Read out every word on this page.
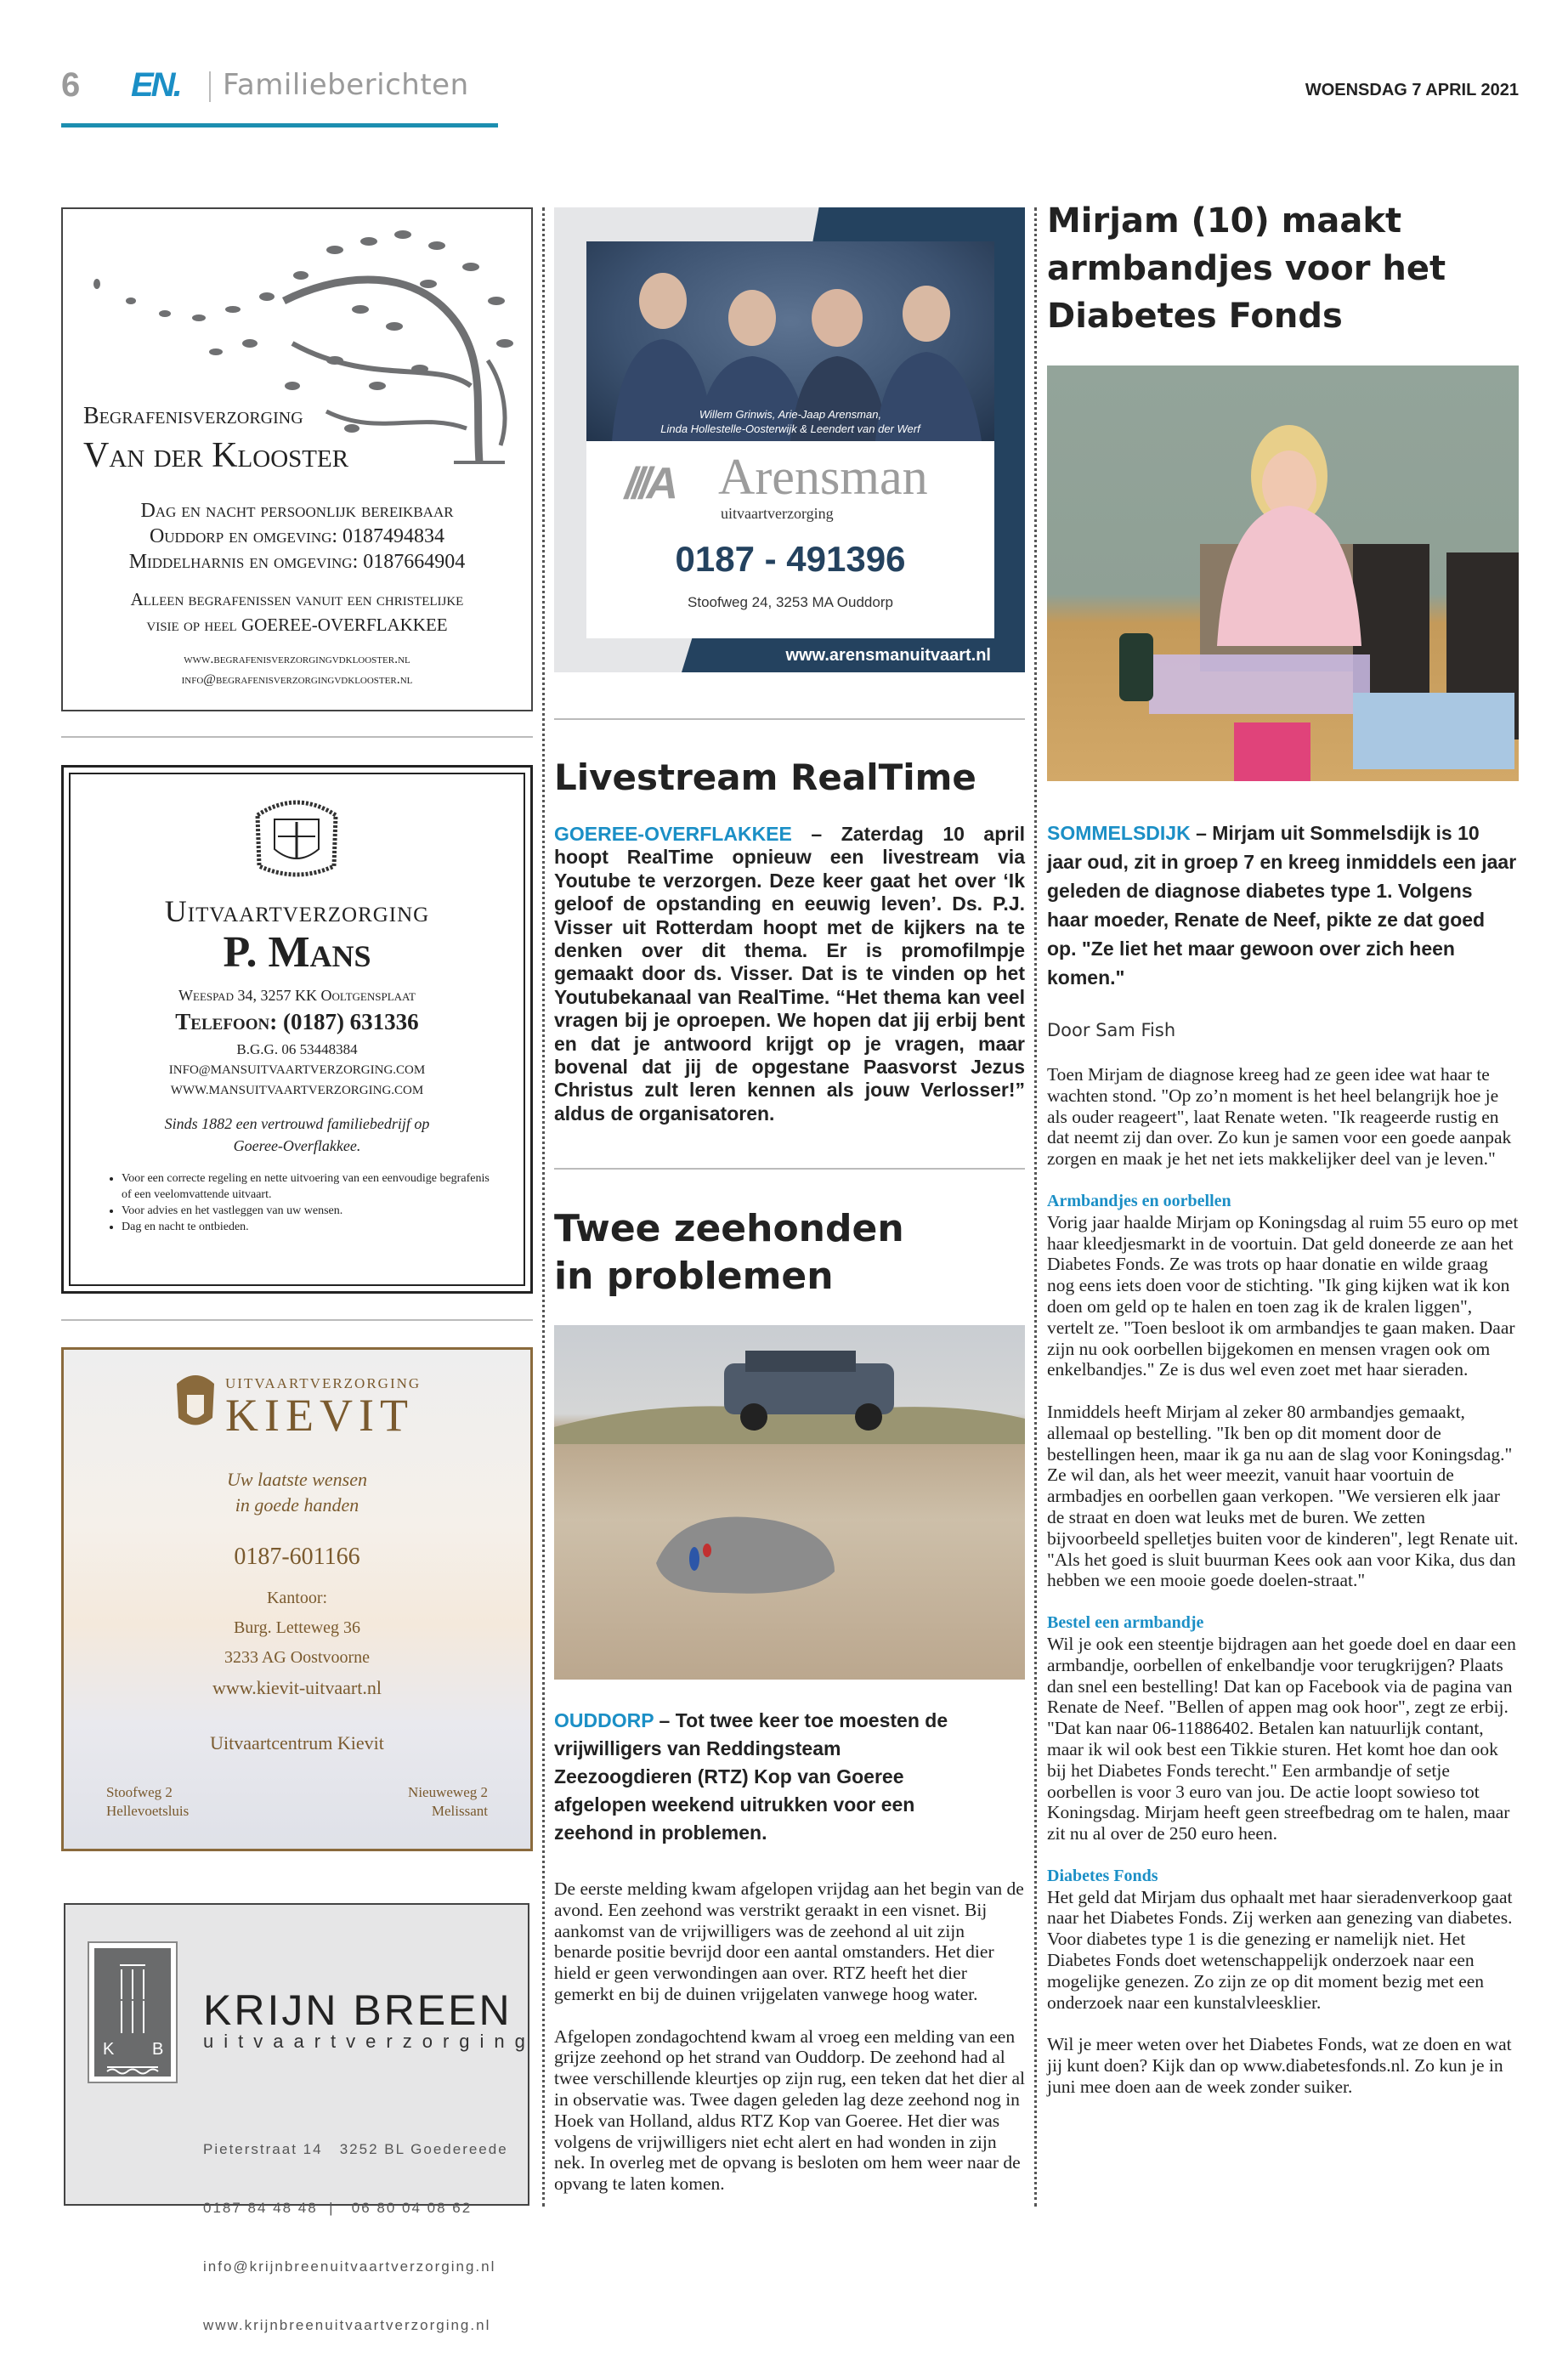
6 EN. Familieberichten	WOENSDAG 7 APRIL 2021
Begrafenisverzorging
Van der Klooster
Dag en nacht persoonlijk bereikbaar
Ouddorp en omgeving: 0187494834
Middelharnis en omgeving: 0187664904
Alleen begrafenissen vanuit een christelijke
visie op heel GOEREE-OVERFLAKKEE
www.begrafenisverzorgingvdklooster.nl
info@begrafenisverzorgingvdklooster.nl
Uitvaartverzorging
P. Mans
Weespad 34, 3257 KK Ooltgensplaat
Telefoon: (0187) 631336
B.G.G. 06 53448384
INFO@MANSUITVAARTVERZORGING.COM
WWW.MANSUITVAARTVERZORGING.COM
Sinds 1882 een vertrouwd familiebedrijf op
Goeree-Overflakkee.
• Voor een correcte regeling en nette uitvoering van een eenvoudige begrafenis of een veelomvattende uitvaart.
• Voor advies en het vastleggen van uw wensen.
• Dag en nacht te ontbieden.
UITVAARTVERZORGING
KIEVIT
Uw laatste wensen
in goede handen
0187-601166
Kantoor:
Burg. Letteweg 36
3233 AG Oostvoorne
www.kievit-uitvaart.nl
Uitvaartcentrum Kievit
Stoofweg 2
Hellevoetsluis
Nieuweweg 2
Melissant
K B
KRIJN BREEN
uitvaartverzorging

Pieterstraat 14   3252 BL Goedereede

0187 84 48 48  |   06 80 04 08 62

info@krijnbreenuitvaartverzorging.nl

www.krijnbreenuitvaartverzorging.nl

Willem Grinwis, Arie-Jaap Arensman,
Linda Hollestelle-Oosterwijk & Leendert van der Werf
///A Arensman
uitvaartverzorging
0187 - 491396
Stoofweg 24, 3253 MA Ouddorp
www.arensmanuitvaart.nl
Livestream RealTime
GOEREE-OVERFLAKKEE – Zaterdag 10 april hoopt RealTime opnieuw een livestream via Youtube te verzorgen. Deze keer gaat het over ‘Ik geloof de opstanding en eeuwig leven’. Ds. P.J. Visser uit Rotterdam hoopt met de kijkers na te denken over dit thema. Er is promofilmpje gemaakt door ds. Visser. Dat is te vinden op het Youtubekanaal van RealTime. “Het thema kan veel vragen bij je oproepen. We hopen dat jij erbij bent en dat je antwoord krijgt op je vragen, maar bovenal dat jij de opgestane Paasvorst Jezus Christus zult leren kennen als jouw Verlosser!” aldus de organisatoren.
Twee zeehonden
in problemen
OUDDORP – Tot twee keer toe moesten de vrijwilligers van Reddingsteam Zeezoogdieren (RTZ) Kop van Goeree afgelopen weekend uitrukken voor een zeehond in problemen.

De eerste melding kwam afgelopen vrijdag aan het begin van de avond. Een zeehond was verstrikt geraakt in een visnet. Bij aankomst van de vrijwilligers was de zeehond al uit zijn benarde positie bevrijd door een aantal omstanders. Het dier hield er geen verwondingen aan over. RTZ heeft het dier gemerkt en bij de duinen vrijgelaten vanwege hoog water.

Afgelopen zondagochtend kwam al vroeg een melding van een grijze zeehond op het strand van Ouddorp. De zeehond had al twee verschillende kleurtjes op zijn rug, een teken dat het dier al in observatie was. Twee dagen geleden lag deze zeehond nog in Hoek van Holland, aldus RTZ Kop van Goeree. Het dier was volgens de vrijwilligers niet echt alert en had wonden in zijn nek. In overleg met de opvang is besloten om hem weer naar de opvang te laten komen.

Mirjam (10) maakt armbandjes voor het Diabetes Fonds
SOMMELSDIJK – Mirjam uit Sommelsdijk is 10 jaar oud, zit in groep 7 en kreeg inmiddels een jaar geleden de diagnose diabetes type 1. Volgens haar moeder, Renate de Neef, pikte ze dat goed op. "Ze liet het maar gewoon over zich heen komen."
Door Sam Fish

Toen Mirjam de diagnose kreeg had ze geen idee wat haar te wachten stond. "Op zo’n moment is het heel belangrijk hoe je als ouder reageert", laat Renate weten. "Ik reageerde rustig en dat neemt zij dan over. Zo kun je samen voor een goede aanpak zorgen en maak je het net iets makkelijker deel van je leven."

Armbandjes en oorbellen

Vorig jaar haalde Mirjam op Koningsdag al ruim 55 euro op met haar kleedjesmarkt in de voortuin. Dat geld doneerde ze aan het Diabetes Fonds. Ze was trots op haar donatie en wilde graag nog eens iets doen voor de stichting. "Ik ging kijken wat ik kon doen om geld op te halen en toen zag ik de kralen liggen", vertelt ze. "Toen besloot ik om armbandjes te gaan maken. Daar zijn nu ook oorbellen bijgekomen en mensen vragen ook om enkelbandjes." Ze is dus wel even zoet met haar sieraden.

Inmiddels heeft Mirjam al zeker 80 armbandjes gemaakt, allemaal op bestelling. "Ik ben op dit moment door de bestellingen heen, maar ik ga nu aan de slag voor Koningsdag." Ze wil dan, als het weer meezit, vanuit haar voortuin de armbadjes en oorbellen gaan verkopen. "We versieren elk jaar de straat en doen wat leuks met de buren. We zetten bijvoorbeeld spelletjes buiten voor de kinderen", legt Renate uit. "Als het goed is sluit buurman Kees ook aan voor Kika, dus dan hebben we een mooie goede doelen-straat."

Bestel een armbandje

Wil je ook een steentje bijdragen aan het goede doel en daar een armbandje, oorbellen of enkelbandje voor terugkrijgen? Plaats dan snel een bestelling! Dat kan op Facebook via de pagina van Renate de Neef. "Bellen of appen mag ook hoor", zegt ze erbij. "Dat kan naar 06-11886402. Betalen kan natuurlijk contant, maar ik wil ook best een Tikkie sturen. Het komt hoe dan ook bij het Diabetes Fonds terecht." Een armbandje of setje oorbellen is voor 3 euro van jou. De actie loopt sowieso tot Koningsdag. Mirjam heeft geen streefbedrag om te halen, maar zit nu al over de 250 euro heen.

Diabetes Fonds

Het geld dat Mirjam dus ophaalt met haar sieradenverkoop gaat naar het Diabetes Fonds. Zij werken aan genezing van diabetes. Voor diabetes type 1 is die genezing er namelijk niet. Het Diabetes Fonds doet wetenschappelijk onderzoek naar een mogelijke genezen. Zo zijn ze op dit moment bezig met een onderzoek naar een kunstalvleesklier.

Wil je meer weten over het Diabetes Fonds, wat ze doen en wat jij kunt doen? Kijk dan op www.diabetesfonds.nl. Zo kun je in juni mee doen aan de week zonder suiker.
